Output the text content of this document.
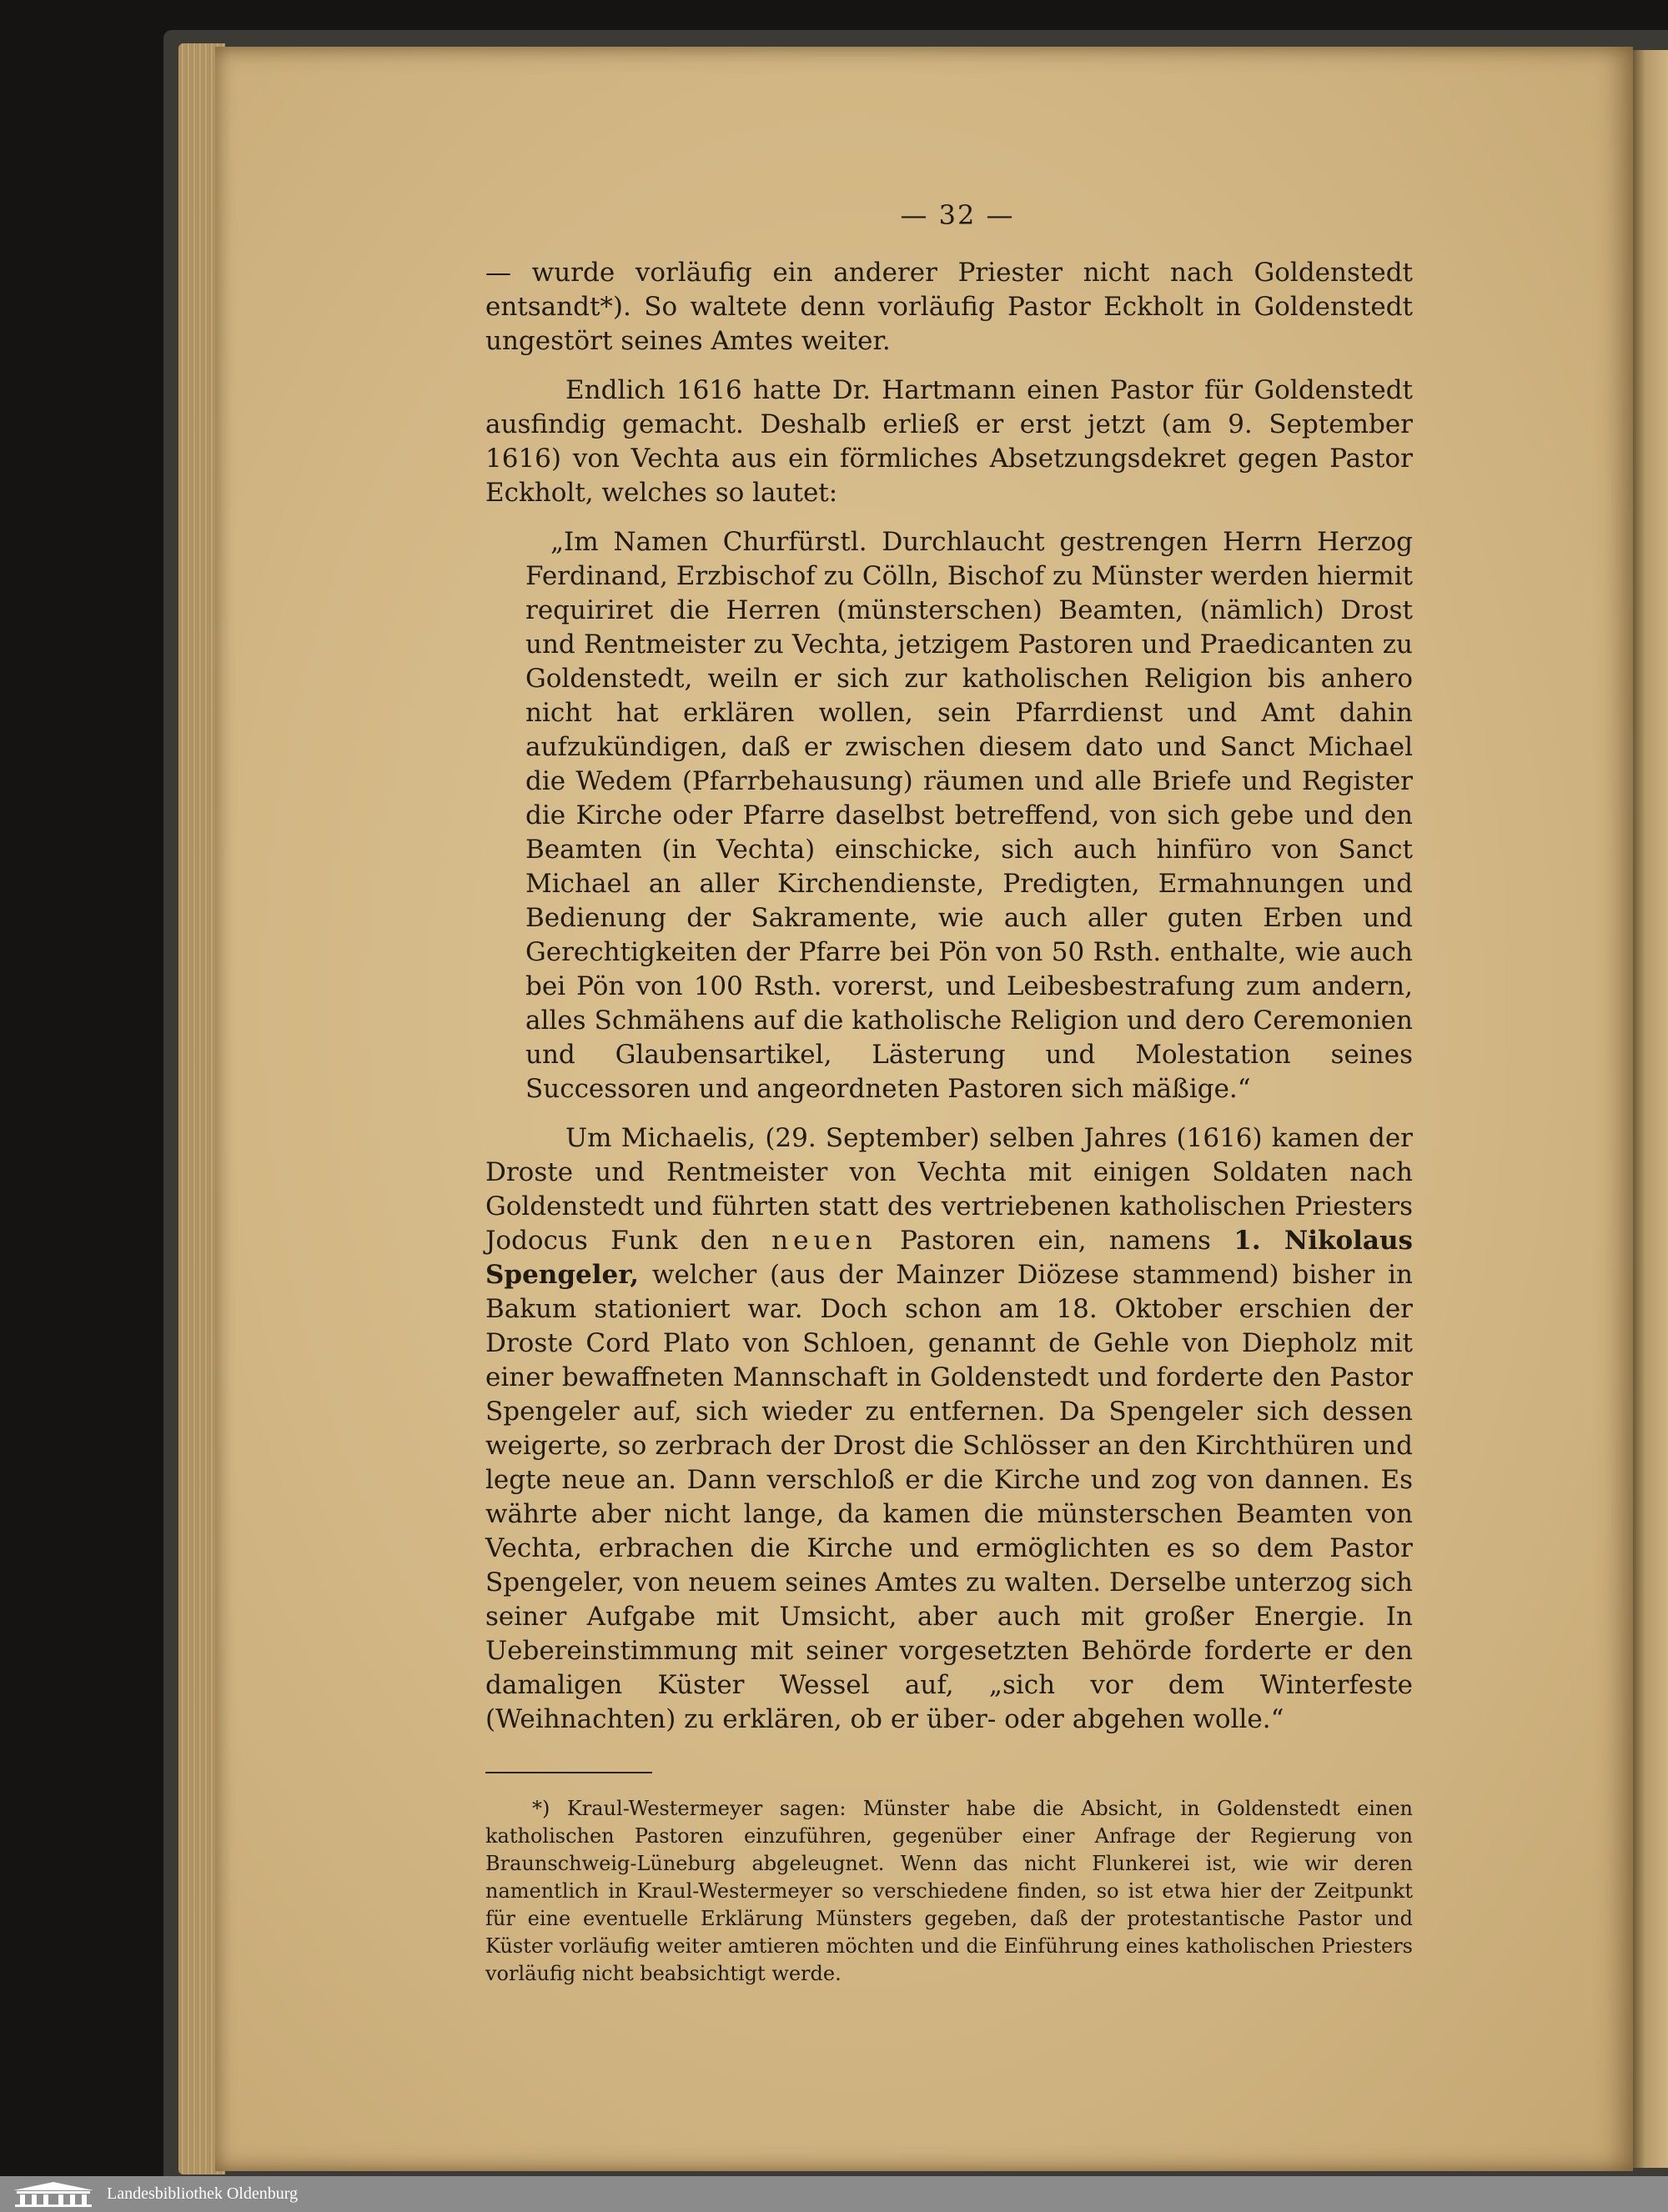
— 32 —

— wurde vorläufig ein anderer Priester nicht nach Goldenstedt entsandt*). So waltete denn vorläufig Pastor Eckholt in Goldenstedt ungestört seines Amtes weiter.

Endlich 1616 hatte Dr. Hartmann einen Pastor für Goldenstedt ausfindig gemacht. Deshalb erließ er erst jetzt (am 9. September 1616) von Vechta aus ein förmliches Absetzungsdekret gegen Pastor Eckholt, welches so lautet:

„Im Namen Churfürstl. Durchlaucht gestrengen Herrn Herzog Ferdinand, Erzbischof zu Cölln, Bischof zu Münster werden hiermit requiriret die Herren (münsterschen) Beamten, (nämlich) Drost und Rentmeister zu Vechta, jetzigem Pastoren und Praedicanten zu Goldenstedt, weiln er sich zur katholischen Religion bis anhero nicht hat erklären wollen, sein Pfarrdienst und Amt dahin aufzukündigen, daß er zwischen diesem dato und Sanct Michael die Wedem (Pfarrbehausung) räumen und alle Briefe und Register die Kirche oder Pfarre daselbst betreffend, von sich gebe und den Beamten (in Vechta) einschicke, sich auch hinfüro von Sanct Michael an aller Kirchendienste, Predigten, Ermahnungen und Bedienung der Sakramente, wie auch aller guten Erben und Gerechtigkeiten der Pfarre bei Pön von 50 Rsth. enthalte, wie auch bei Pön von 100 Rsth. vorerst, und Leibesbestrafung zum andern, alles Schmähens auf die katholische Religion und dero Ceremonien und Glaubensartikel, Lästerung und Molestation seines Successoren und angeordneten Pastoren sich mäßige.“

Um Michaelis, (29. September) selben Jahres (1616) kamen der Droste und Rentmeister von Vechta mit einigen Soldaten nach Goldenstedt und führten statt des vertriebenen katholischen Priesters Jodocus Funk den neuen Pastoren ein, namens 1. Nikolaus Spengeler, welcher (aus der Mainzer Diözese stammend) bisher in Bakum stationiert war. Doch schon am 18. Oktober erschien der Droste Cord Plato von Schloen, genannt de Gehle von Diepholz mit einer bewaffneten Mannschaft in Goldenstedt und forderte den Pastor Spengeler auf, sich wieder zu entfernen. Da Spengeler sich dessen weigerte, so zerbrach der Drost die Schlösser an den Kirchthüren und legte neue an. Dann verschloß er die Kirche und zog von dannen. Es währte aber nicht lange, da kamen die münsterschen Beamten von Vechta, erbrachen die Kirche und ermöglichten es so dem Pastor Spengeler, von neuem seines Amtes zu walten. Derselbe unterzog sich seiner Aufgabe mit Umsicht, aber auch mit großer Energie. In Uebereinstimmung mit seiner vorgesetzten Behörde forderte er den damaligen Küster Wessel auf, „sich vor dem Winterfeste (Weihnachten) zu erklären, ob er über- oder abgehen wolle.“

*) Kraul-Westermeyer sagen: Münster habe die Absicht, in Goldenstedt einen katholischen Pastoren einzuführen, gegenüber einer Anfrage der Regierung von Braunschweig-Lüneburg abgeleugnet. Wenn das nicht Flunkerei ist, wie wir deren namentlich in Kraul-Westermeyer so verschiedene finden, so ist etwa hier der Zeitpunkt für eine eventuelle Erklärung Münsters gegeben, daß der protestantische Pastor und Küster vorläufig weiter amtieren möchten und die Einführung eines katholischen Priesters vorläufig nicht beabsichtigt werde.

Landesbibliothek Oldenburg
